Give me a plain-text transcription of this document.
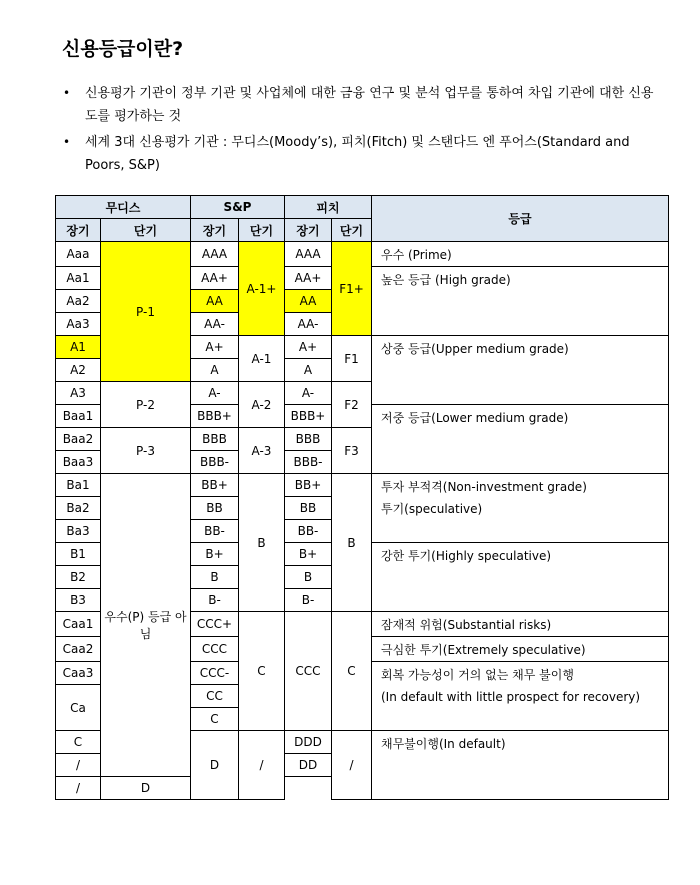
신용등급이란?
• 신용평가 기관이 정부 기관 및 사업체에 대한 금융 연구 및 분석 업무를 통하여 차입 기관에 대한 신용도를 평가하는 것
• 세계 3대 신용평가 기관 : 무디스(Moody’s), 피치(Fitch) 및 스탠다드 엔 푸어스(Standard and Poors, S&P)
무디스		S&P		피치		등급
장기	단기	장기	단기	장기	단기	
Aaa	P-1	AAA	A-1+	AAA	F1+	우수 (Prime)
Aa1		AA+		AA+		높은 등급 (High grade)
Aa2		AA		AA		
Aa3		AA-		AA-		
A1		A+	A-1	A+	F1	상중 등급(Upper medium grade)
A2		A		A		
A3	P-2	A-	A-2	A-	F2	
Baa1		BBB+		BBB+		저중 등급(Lower medium grade)
Baa2	P-3	BBB	A-3	BBB	F3	
Baa3		BBB-		BBB-		
Ba1	우수(P) 등급 아님	BB+	B	BB+	B	투자 부적격(Non-investment grade)
투기(speculative)
Ba2		BB		BB		
Ba3		BB-		BB-		
B1		B+		B+		강한 투기(Highly speculative)
B2		B		B		
B3		B-		B-		
Caa1		CCC+	C	CCC	C	잠재적 위험(Substantial risks)
Caa2		CCC				극심한 투기(Extremely speculative)
Caa3		CCC-				회복 가능성이 거의 없는 채무 불이행
(In default with little prospect for recovery)
Ca		CC				
		C				
C		D	/	DDD	/	채무불이행(In default)
/				DD		
/	D					
